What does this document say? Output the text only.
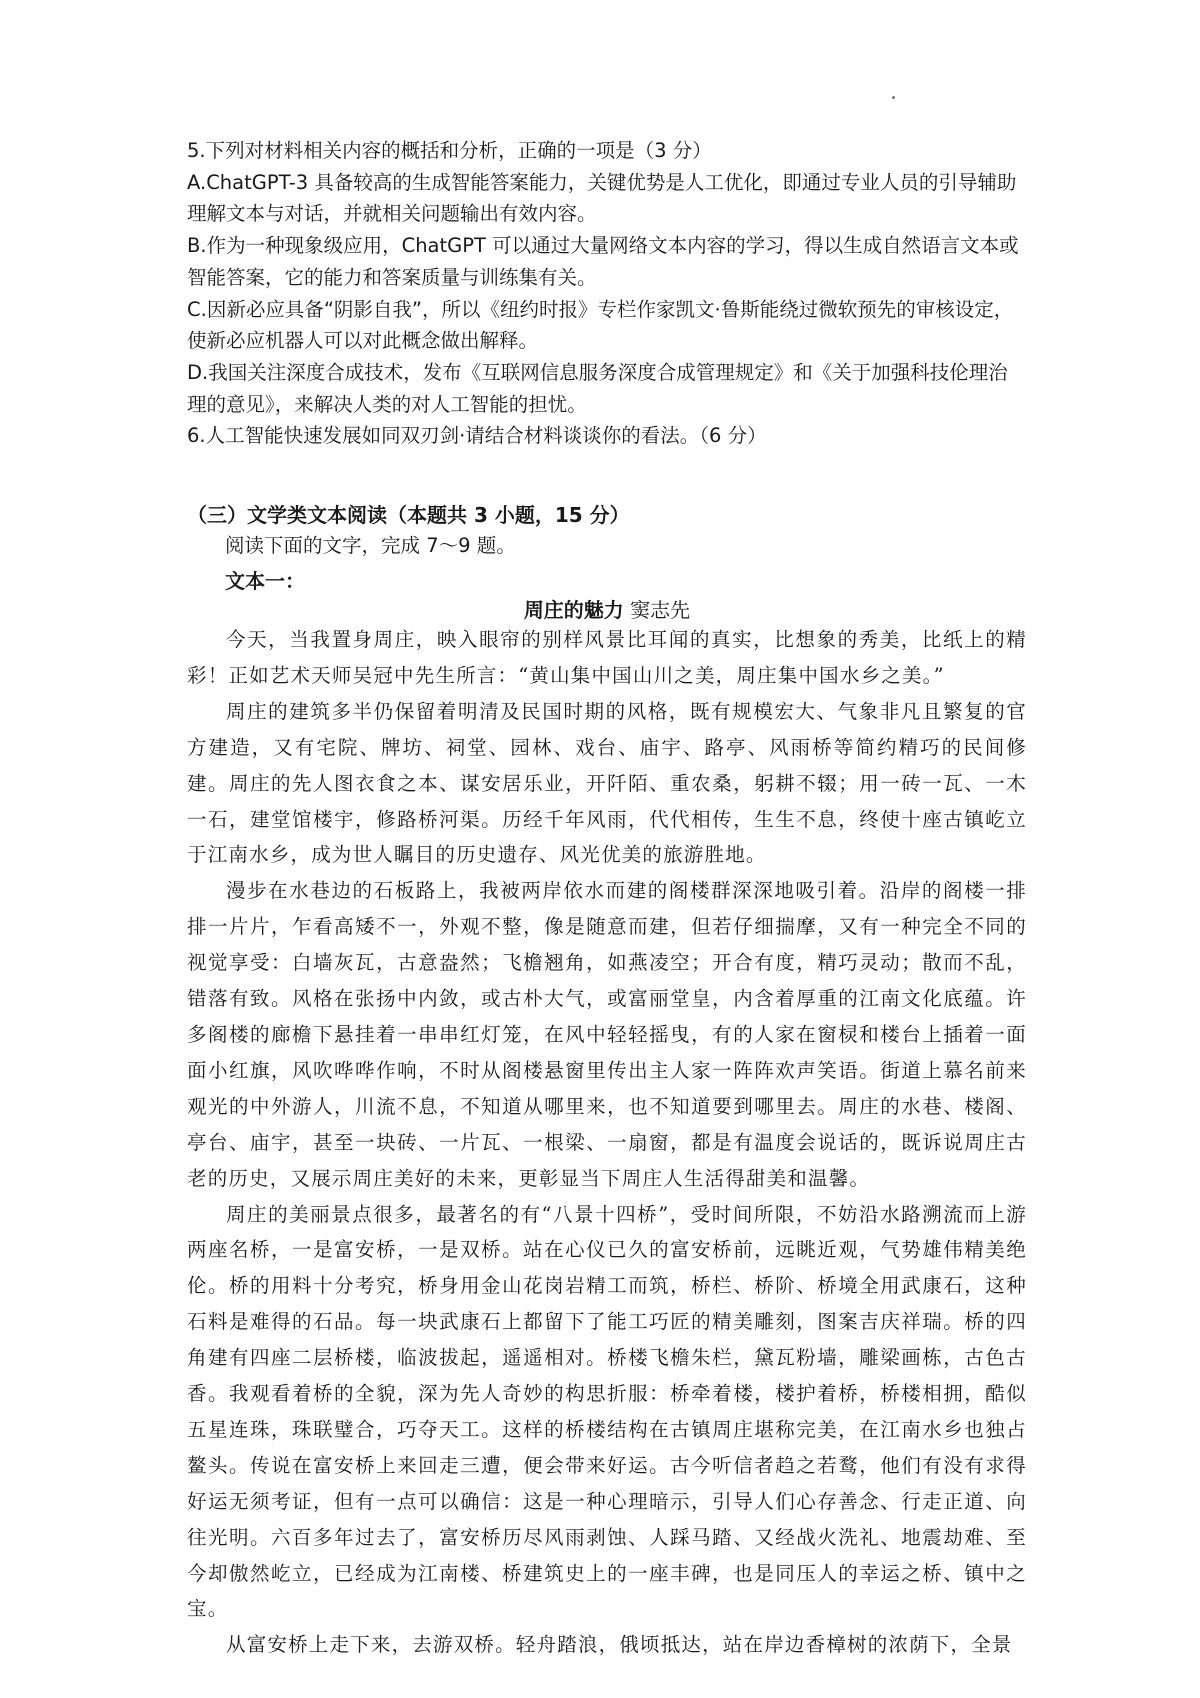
5.下列对材料相关内容的概括和分析，正确的一项是（3 分）

A.ChatGPT-3 具备较高的生成智能答案能力，关键优势是人工优化，即通过专业人员的引导辅助理解文本与对话，并就相关问题输出有效内容。

B.作为一种现象级应用，ChatGPT 可以通过大量网络文本内容的学习，得以生成自然语言文本或智能答案，它的能力和答案质量与训练集有关。

C.因新必应具备“阴影自我”，所以《纽约时报》专栏作家凯文·鲁斯能绕过微软预先的审核设定，使新必应机器人可以对此概念做出解释。

D.我国关注深度合成技术，发布《互联网信息服务深度合成管理规定》和《关于加强科技伦理治理的意见》，来解决人类的对人工智能的担忧。

6.人工智能快速发展如同双刃剑·请结合材料谈谈你的看法。（6 分）

（三）文学类文本阅读（本题共 3 小题，15 分）
阅读下面的文字，完成 7～9 题。
文本一：
周庄的魅力 窦志先

今天，当我置身周庄，映入眼帘的别样风景比耳闻的真实，比想象的秀美，比纸上的精彩！正如艺术天师吴冠中先生所言：“黄山集中国山川之美，周庄集中国水乡之美。”

周庄的建筑多半仍保留着明清及民国时期的风格，既有规模宏大、气象非凡且繁复的官方建造，又有宅院、牌坊、祠堂、园林、戏台、庙宇、路亭、风雨桥等简约精巧的民间修建。周庄的先人图衣食之本、谋安居乐业，开阡陌、重农桑，躬耕不辍；用一砖一瓦、一木一石，建堂馆楼宇，修路桥河渠。历经千年风雨，代代相传，生生不息，终使十座古镇屹立于江南水乡，成为世人瞩目的历史遗存、风光优美的旅游胜地。

漫步在水巷边的石板路上，我被两岸依水而建的阁楼群深深地吸引着。沿岸的阁楼一排排一片片，乍看高矮不一，外观不整，像是随意而建，但若仔细揣摩，又有一种完全不同的视觉享受：白墙灰瓦，古意盎然；飞檐翘角，如燕凌空；开合有度，精巧灵动；散而不乱，错落有致。风格在张扬中内敛，或古朴大气，或富丽堂皇，内含着厚重的江南文化底蕴。许多阁楼的廊檐下悬挂着一串串红灯笼，在风中轻轻摇曳，有的人家在窗棂和楼台上插着一面面小红旗，风吹哗哗作响，不时从阁楼悬窗里传出主人家一阵阵欢声笑语。街道上慕名前来观光的中外游人，川流不息，不知道从哪里来，也不知道要到哪里去。周庄的水巷、楼阁、亭台、庙宇，甚至一块砖、一片瓦、一根梁、一扇窗，都是有温度会说话的，既诉说周庄古老的历史，又展示周庄美好的未来，更彰显当下周庄人生活得甜美和温馨。

周庄的美丽景点很多，最著名的有“八景十四桥”，受时间所限，不妨沿水路溯流而上游两座名桥，一是富安桥，一是双桥。站在心仪已久的富安桥前，远眺近观，气势雄伟精美绝伦。桥的用料十分考究，桥身用金山花岗岩精工而筑，桥栏、桥阶、桥境全用武康石，这种石料是难得的石品。每一块武康石上都留下了能工巧匠的精美雕刻，图案吉庆祥瑞。桥的四角建有四座二层桥楼，临波拔起，遥遥相对。桥楼飞檐朱栏，黛瓦粉墙，雕梁画栋，古色古香。我观看着桥的全貌，深为先人奇妙的构思折服：桥牵着楼，楼护着桥，桥楼相拥，酷似五星连珠，珠联璧合，巧夺天工。这样的桥楼结构在古镇周庄堪称完美，在江南水乡也独占鳌头。传说在富安桥上来回走三遭，便会带来好运。古今听信者趋之若鹜，他们有没有求得好运无须考证，但有一点可以确信：这是一种心理暗示，引导人们心存善念、行走正道、向往光明。六百多年过去了，富安桥历尽风雨剥蚀、人踩马踏、又经战火洗礼、地震劫难、至今却傲然屹立，已经成为江南楼、桥建筑史上的一座丰碑，也是同压人的幸运之桥、镇中之宝。

从富安桥上走下来，去游双桥。轻舟踏浪，俄顷抵达，站在岸边香樟树的浓荫下，全景
